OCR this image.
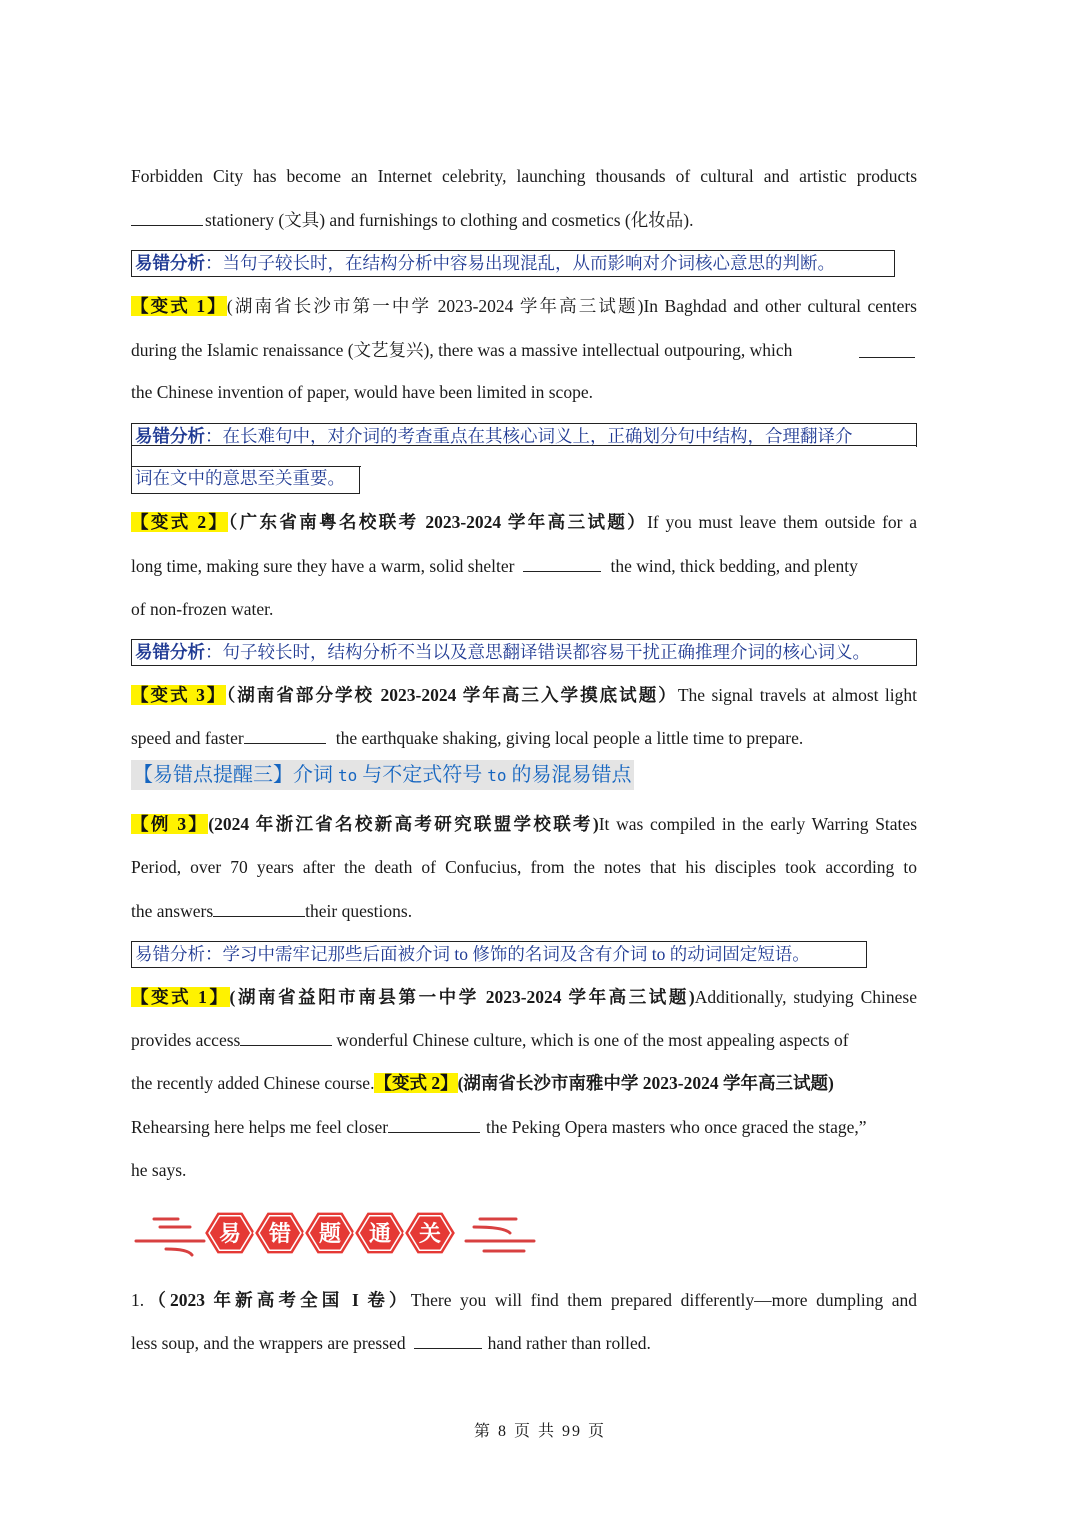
Forbidden City has become an Internet celebrity, launching thousands of cultural and artistic products
stationery (文具) and furnishings to clothing and cosmetics (化妆品).
易错分析：当句子较长时，在结构分析中容易出现混乱，从而影响对介词核心意思的判断。
【变式 1】(湖南省长沙市第一中学 2023-2024 学年高三试题)In Baghdad and other cultural centers
during the Islamic renaissance (文艺复兴), there was a massive intellectual outpouring, which
the Chinese invention of paper, would have been limited in scope.
易错分析：在长难句中，对介词的考查重点在其核心词义上，正确划分句中结构，合理翻译介
词在文中的意思至关重要。
【变式 2】（广东省南粤名校联考 2023-2024 学年高三试题）If you must leave them outside for a
long time, making sure they have a warm, solid shelter	the wind, thick bedding, and plenty
of non-frozen water.
易错分析：句子较长时，结构分析不当以及意思翻译错误都容易干扰正确推理介词的核心词义。
【变式 3】（湖南省部分学校 2023-2024 学年高三入学摸底试题）The signal travels at almost light
speed and faster	the earthquake shaking, giving local people a little time to prepare.
【易错点提醒三】介词 to 与不定式符号 to 的易混易错点
【例 3】(2024 年浙江省名校新高考研究联盟学校联考)It was compiled in the early Warring States
Period, over 70 years after the death of Confucius, from the notes that his disciples took according to
the answers	their questions.
易错分析：学习中需牢记那些后面被介词 to 修饰的名词及含有介词 to 的动词固定短语。
【变式 1】(湖南省益阳市南县第一中学 2023-2024 学年高三试题)Additionally, studying Chinese
provides access	wonderful Chinese culture, which is one of the most appealing aspects of
the recently added Chinese course.【变式 2】(湖南省长沙市南雅中学 2023-2024 学年高三试题)
Rehearsing here helps me feel closer	the Peking Opera masters who once graced the stage,”
he says.
易 错 题 通 关
1.（2023 年新高考全国 I 卷）There you will find them prepared differently—more dumpling and
less soup, and the wrappers are pressed	hand rather than rolled.
第 8 页 共 99 页
